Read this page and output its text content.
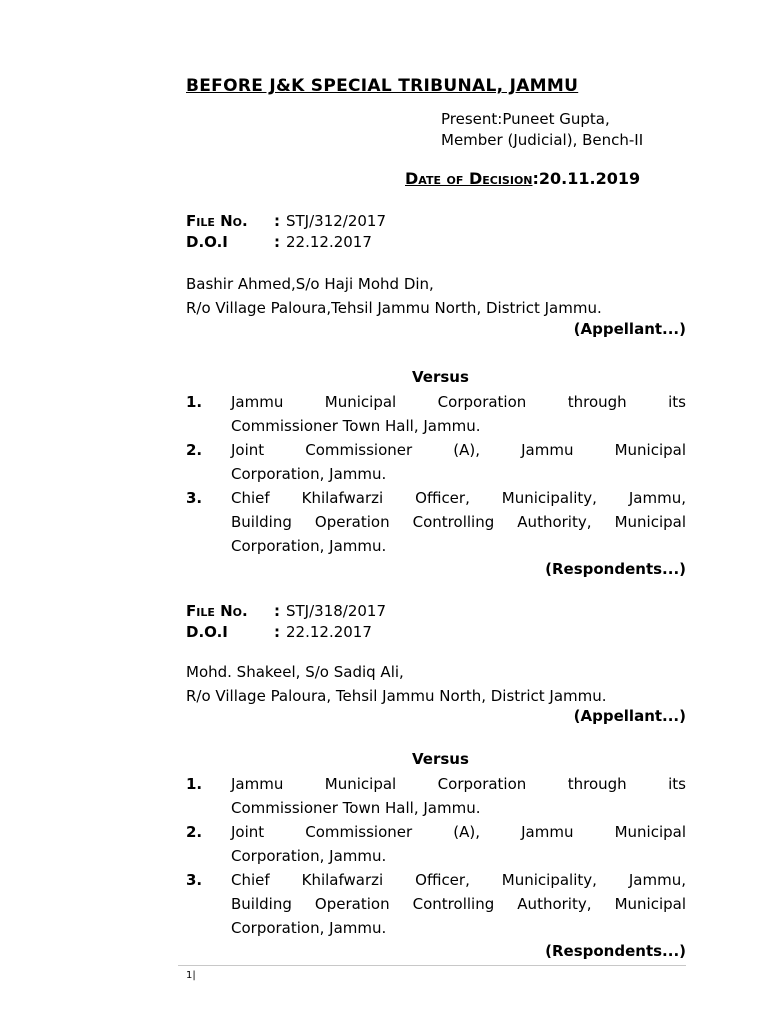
BEFORE J&K SPECIAL TRIBUNAL, JAMMU
Present:Puneet Gupta,
Member (Judicial), Bench-II
Date of Decision:20.11.2019
File No. : STJ/312/2017
D.O.I	: 22.12.2017
Bashir Ahmed,S/o Haji Mohd Din,
R/o Village Paloura,Tehsil Jammu North, District Jammu.
(Appellant...)
Versus
1. Jammu Municipal Corporation through its
Commissioner Town Hall, Jammu.
2. Joint Commissioner (A), Jammu Municipal
Corporation, Jammu.
3. Chief Khilafwarzi Officer, Municipality, Jammu,
Building Operation Controlling Authority, Municipal
Corporation, Jammu.
(Respondents...)
File No. : STJ/318/2017
D.O.I	: 22.12.2017
Mohd. Shakeel, S/o Sadiq Ali,
R/o Village Paloura, Tehsil Jammu North, District Jammu.
(Appellant...)
Versus
1. Jammu Municipal Corporation through its
Commissioner Town Hall, Jammu.
2. Joint Commissioner (A), Jammu Municipal
Corporation, Jammu.
3. Chief Khilafwarzi Officer, Municipality, Jammu,
Building Operation Controlling Authority, Municipal
Corporation, Jammu.
(Respondents...)
1|
